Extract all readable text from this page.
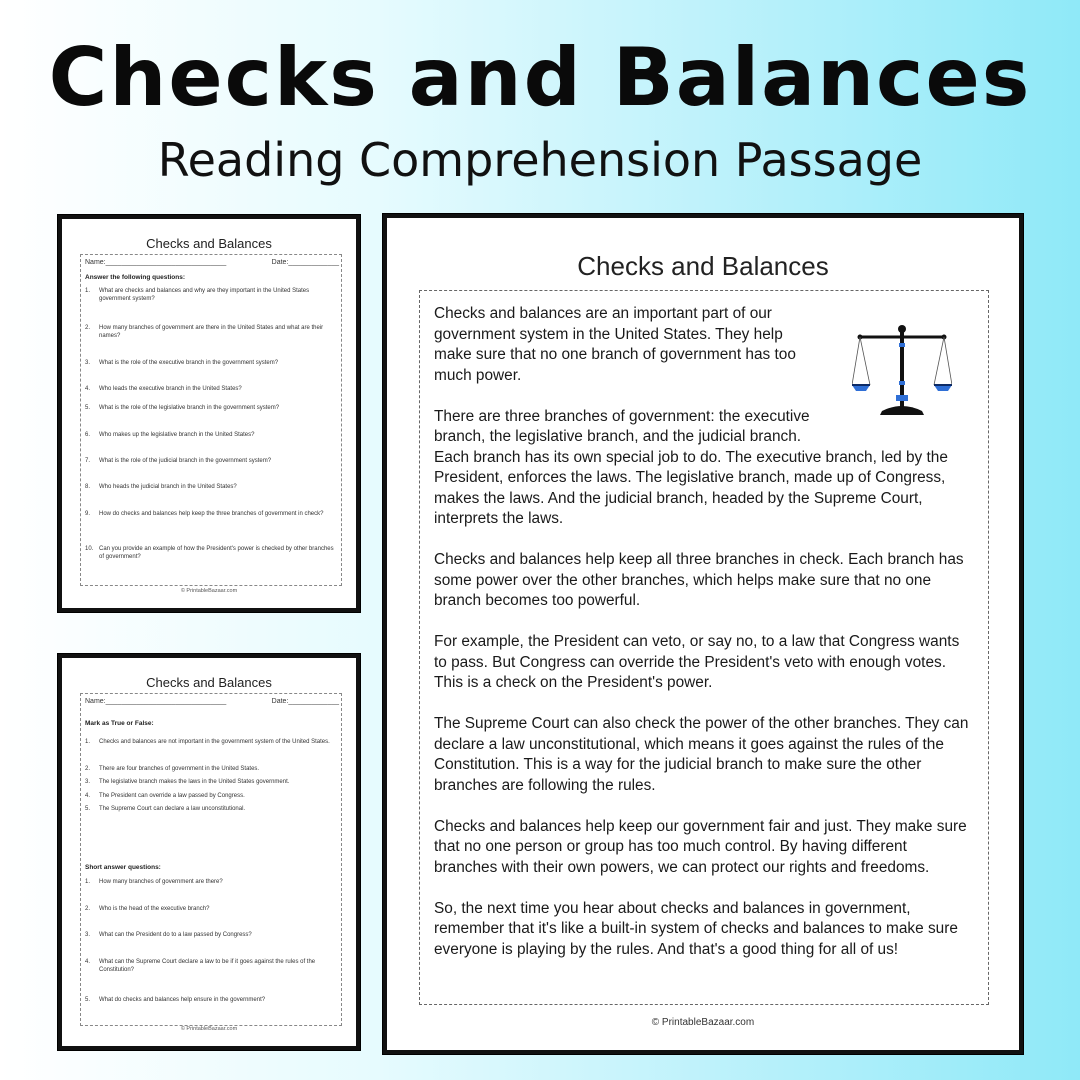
Checks and Balances
Reading Comprehension Passage
Checks and Balances
Name:_______________________________	Date:_____________
Answer the following questions:
1.	What are checks and balances and why are they important in the United States government system?
2.	How many branches of government are there in the United States and what are their names?
3.	What is the role of the executive branch in the government system?
4.	Who leads the executive branch in the United States?
5.	What is the role of the legislative branch in the government system?
6.	Who makes up the legislative branch in the United States?
7.	What is the role of the judicial branch in the government system?
8.	Who heads the judicial branch in the United States?
9.	How do checks and balances help keep the three branches of government in check?
10. Can you provide an example of how the President's power is checked by other branches of government?
© PrintableBazaar.com
Checks and Balances
Name:_______________________________	Date:_____________
Mark as True or False:
1.	Checks and balances are not important in the government system of the United States.
2.	There are four branches of government in the United States.
3.	The legislative branch makes the laws in the United States government.
4.	The President can override a law passed by Congress.
5.	The Supreme Court can declare a law unconstitutional.
Short answer questions:
1.	How many branches of government are there?
2.	Who is the head of the executive branch?
3.	What can the President do to a law passed by Congress?
4.	What can the Supreme Court declare a law to be if it goes against the rules of the Constitution?
5.	What do checks and balances help ensure in the government?
© PrintableBazaar.com
Checks and Balances

Checks and balances are an important part of our government system in the United States. They help make sure that no one branch of government has too much power.

There are three branches of government: the executive branch, the legislative branch, and the judicial branch.
Each branch has its own special job to do. The executive branch, led by the President, enforces the laws. The legislative branch, made up of Congress, makes the laws. And the judicial branch, headed by the Supreme Court, interprets the laws.

Checks and balances help keep all three branches in check. Each branch has some power over the other branches, which helps make sure that no one branch becomes too powerful.

For example, the President can veto, or say no, to a law that Congress wants to pass. But Congress can override the President's veto with enough votes. This is a check on the President's power.

The Supreme Court can also check the power of the other branches. They can declare a law unconstitutional, which means it goes against the rules of the Constitution. This is a way for the judicial branch to make sure the other branches are following the rules.

Checks and balances help keep our government fair and just. They make sure that no one person or group has too much control. By having different branches with their own powers, we can protect our rights and freedoms.

So, the next time you hear about checks and balances in government, remember that it's like a built-in system of checks and balances to make sure everyone is playing by the rules. And that's a good thing for all of us!

© PrintableBazaar.com
